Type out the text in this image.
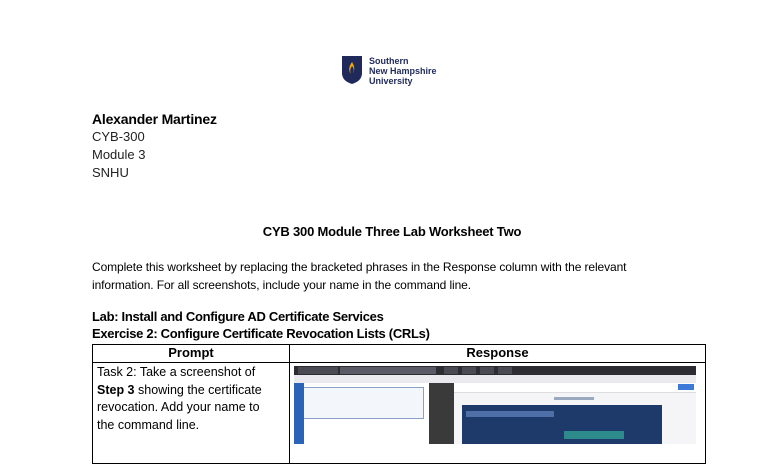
Southern
New Hampshire
University
Alexander Martinez
CYB-300
Module 3
SNHU
CYB 300 Module Three Lab Worksheet Two
Complete this worksheet by replacing the bracketed phrases in the Response column with the relevant
information. For all screenshots, include your name in the command line.
Lab: Install and Configure AD Certificate Services
Exercise 2: Configure Certificate Revocation Lists (CRLs)
Prompt	Response
Task 2: Take a screenshot of
Step 3 showing the certificate
revocation. Add your name to
the command line.	
